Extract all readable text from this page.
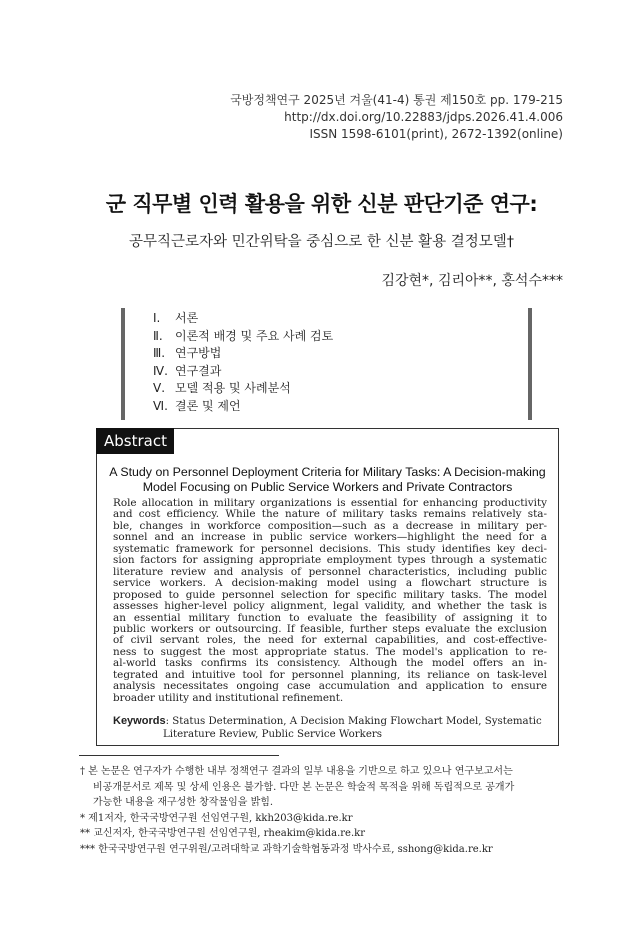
국방정책연구 2025년 겨울(41-4) 통권 제150호 pp. 179-215
http://dx.doi.org/10.22883/jdps.2026.41.4.006
ISSN 1598-6101(print), 2672-1392(online)
군 직무별 인력 활용을 위한 신분 판단기준 연구:
공무직근로자와 민간위탁을 중심으로 한 신분 활용 결정모델†
김강현*, 김리아**, 홍석수***
Ⅰ.	서론
Ⅱ.	이론적 배경 및 주요 사례 검토
Ⅲ. 연구방법
Ⅳ. 연구결과
Ⅴ. 모델 적용 및 사례분석
Ⅵ. 결론 및 제언
Abstract
A Study on Personnel Deployment Criteria for Military Tasks: A Decision-making
Model Focusing on Public Service Workers and Private Contractors
Role allocation in military organizations is essential for enhancing productivity
and cost efficiency. While the nature of military tasks remains relatively sta-
ble, changes in workforce composition—such as a decrease in military per-
sonnel and an increase in public service workers—highlight the need for a
systematic framework for personnel decisions. This study identifies key deci-
sion factors for assigning appropriate employment types through a systematic
literature review and analysis of personnel characteristics, including public
service workers. A decision-making model using a flowchart structure is
proposed to guide personnel selection for specific military tasks. The model
assesses higher-level policy alignment, legal validity, and whether the task is
an essential military function to evaluate the feasibility of assigning it to
public workers or outsourcing. If feasible, further steps evaluate the exclusion
of civil servant roles, the need for external capabilities, and cost-effective-
ness to suggest the most appropriate status. The model's application to re-
al-world tasks confirms its consistency. Although the model offers an in-
tegrated and intuitive tool for personnel planning, its reliance on task-level
analysis necessitates ongoing case accumulation and application to ensure
broader utility and institutional refinement.
Keywords: Status Determination, A Decision Making Flowchart Model, Systematic
Literature Review, Public Service Workers
† 본 논문은 연구자가 수행한 내부 정책연구 결과의 일부 내용을 기반으로 하고 있으나 연구보고서는
비공개문서로 제목 및 상세 인용은 불가함. 다만 본 논문은 학술적 목적을 위해 독립적으로 공개가
가능한 내용을 재구성한 창작물임을 밝힘.
* 제1저자, 한국국방연구원 선임연구원, kkh203@kida.re.kr
** 교신저자, 한국국방연구원 선임연구원, rheakim@kida.re.kr
*** 한국국방연구원 연구위원/고려대학교 과학기술학협동과정 박사수료, sshong@kida.re.kr
